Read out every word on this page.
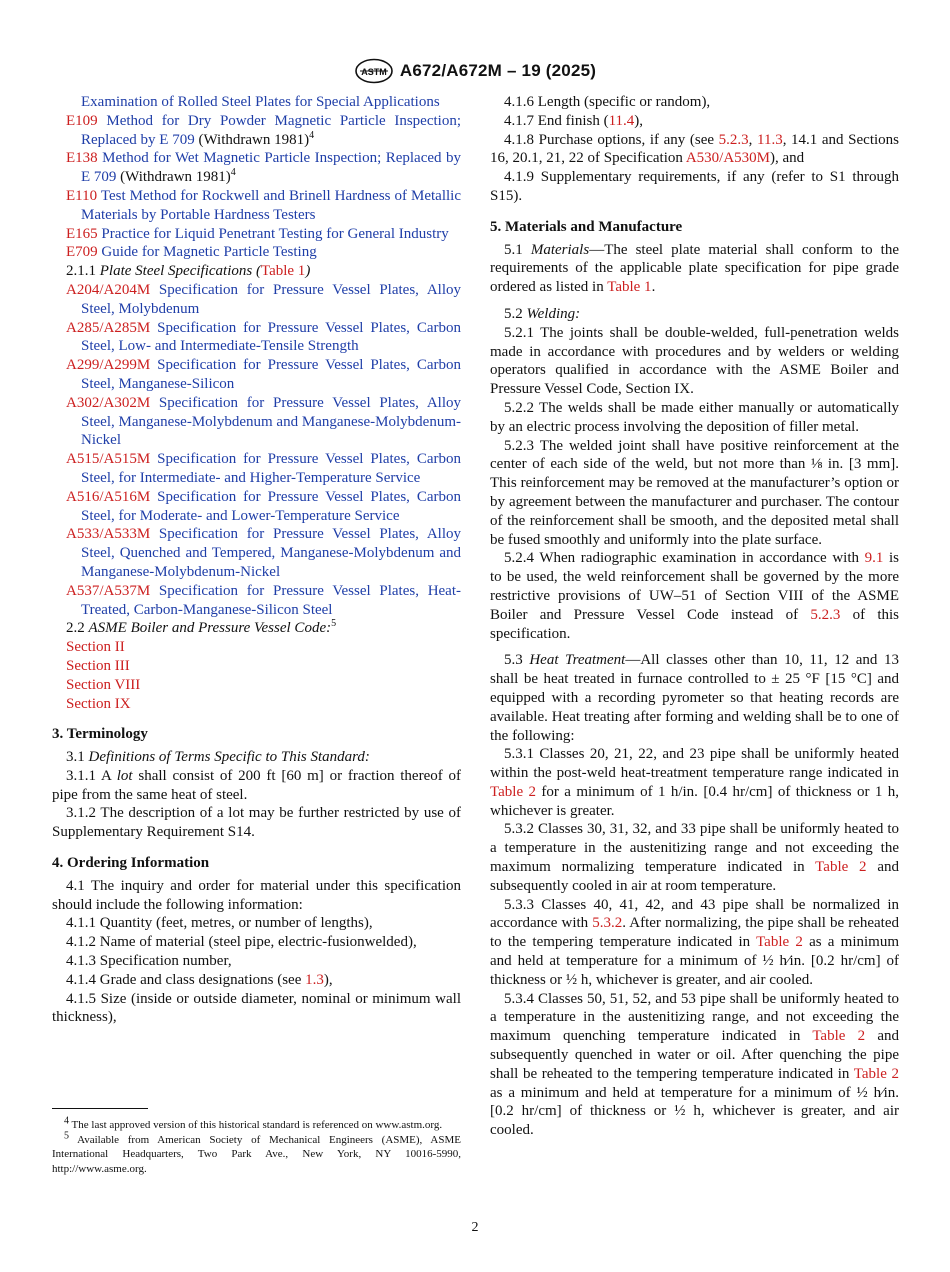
ASTM A672/A672M – 19 (2025)

Examination of Rolled Steel Plates for Special Applications

E109 Method for Dry Powder Magnetic Particle Inspection; Replaced by E 709 (Withdrawn 1981)$^4$

E138 Method for Wet Magnetic Particle Inspection; Replaced by E 709 (Withdrawn 1981)$^4$

E110 Test Method for Rockwell and Brinell Hardness of Metallic Materials by Portable Hardness Testers

E165 Practice for Liquid Penetrant Testing for General Industry

E709 Guide for Magnetic Particle Testing

2.1.1 Plate Steel Specifications (Table 1)

A204/A204M Specification for Pressure Vessel Plates, Alloy Steel, Molybdenum

A285/A285M Specification for Pressure Vessel Plates, Carbon Steel, Low- and Intermediate-Tensile Strength

A299/A299M Specification for Pressure Vessel Plates, Carbon Steel, Manganese-Silicon

A302/A302M Specification for Pressure Vessel Plates, Alloy Steel, Manganese-Molybdenum and Manganese-Molybdenum-Nickel

A515/A515M Specification for Pressure Vessel Plates, Carbon Steel, for Intermediate- and Higher-Temperature Service

A516/A516M Specification for Pressure Vessel Plates, Carbon Steel, for Moderate- and Lower-Temperature Service

A533/A533M Specification for Pressure Vessel Plates, Alloy Steel, Quenched and Tempered, Manganese-Molybdenum and Manganese-Molybdenum-Nickel

A537/A537M Specification for Pressure Vessel Plates, Heat-Treated, Carbon-Manganese-Silicon Steel

2.2 ASME Boiler and Pressure Vessel Code:$^5$

Section II

Section III

Section VIII

Section IX

3. Terminology

3.1 Definitions of Terms Specific to This Standard:

3.1.1 A lot shall consist of 200 ft [60 m] or fraction thereof of pipe from the same heat of steel.

3.1.2 The description of a lot may be further restricted by use of Supplementary Requirement S14.

4. Ordering Information

4.1 The inquiry and order for material under this specification should include the following information:

4.1.1 Quantity (feet, metres, or number of lengths),

4.1.2 Name of material (steel pipe, electric-fusionwelded),

4.1.3 Specification number,

4.1.4 Grade and class designations (see 1.3),

4.1.5 Size (inside or outside diameter, nominal or minimum wall thickness),

4.1.6 Length (specific or random),

4.1.7 End finish (11.4),

4.1.8 Purchase options, if any (see 5.2.3, 11.3, 14.1 and Sections 16, 20.1, 21, 22 of Specification A530/A530M), and

4.1.9 Supplementary requirements, if any (refer to S1 through S15).

5. Materials and Manufacture

5.1 Materials—The steel plate material shall conform to the requirements of the applicable plate specification for pipe grade ordered as listed in Table 1.

5.2 Welding:

5.2.1 The joints shall be double-welded, full-penetration welds made in accordance with procedures and by welders or welding operators qualified in accordance with the ASME Boiler and Pressure Vessel Code, Section IX.

5.2.2 The welds shall be made either manually or automatically by an electric process involving the deposition of filler metal.

5.2.3 The welded joint shall have positive reinforcement at the center of each side of the weld, but not more than ⅛ in. [3 mm]. This reinforcement may be removed at the manufacturer’s option or by agreement between the manufacturer and purchaser. The contour of the reinforcement shall be smooth, and the deposited metal shall be fused smoothly and uniformly into the plate surface.

5.2.4 When radiographic examination in accordance with 9.1 is to be used, the weld reinforcement shall be governed by the more restrictive provisions of UW–51 of Section VIII of the ASME Boiler and Pressure Vessel Code instead of 5.2.3 of this specification.

5.3 Heat Treatment—All classes other than 10, 11, 12 and 13 shall be heat treated in furnace controlled to ± 25 °F [15 °C] and equipped with a recording pyrometer so that heating records are available. Heat treating after forming and welding shall be to one of the following:

5.3.1 Classes 20, 21, 22, and 23 pipe shall be uniformly heated within the post-weld heat-treatment temperature range indicated in Table 2 for a minimum of 1 h/in. [0.4 hr/cm] of thickness or 1 h, whichever is greater.

5.3.2 Classes 30, 31, 32, and 33 pipe shall be uniformly heated to a temperature in the austenitizing range and not exceeding the maximum normalizing temperature indicated in Table 2 and subsequently cooled in air at room temperature.

5.3.3 Classes 40, 41, 42, and 43 pipe shall be normalized in accordance with 5.3.2. After normalizing, the pipe shall be reheated to the tempering temperature indicated in Table 2 as a minimum and held at temperature for a minimum of ½ h⁄in. [0.2 hr/cm] of thickness or ½ h, whichever is greater, and air cooled.

5.3.4 Classes 50, 51, 52, and 53 pipe shall be uniformly heated to a temperature in the austenitizing range, and not exceeding the maximum quenching temperature indicated in Table 2 and subsequently quenched in water or oil. After quenching the pipe shall be reheated to the tempering temperature indicated in Table 2 as a minimum and held at temperature for a minimum of ½ h⁄in. [0.2 hr/cm] of thickness or ½ h, whichever is greater, and air cooled.

$^4$ The last approved version of this historical standard is referenced on www.astm.org.

$^5$ Available from American Society of Mechanical Engineers (ASME), ASME International Headquarters, Two Park Ave., New York, NY 10016-5990, http://www.asme.org.

2
